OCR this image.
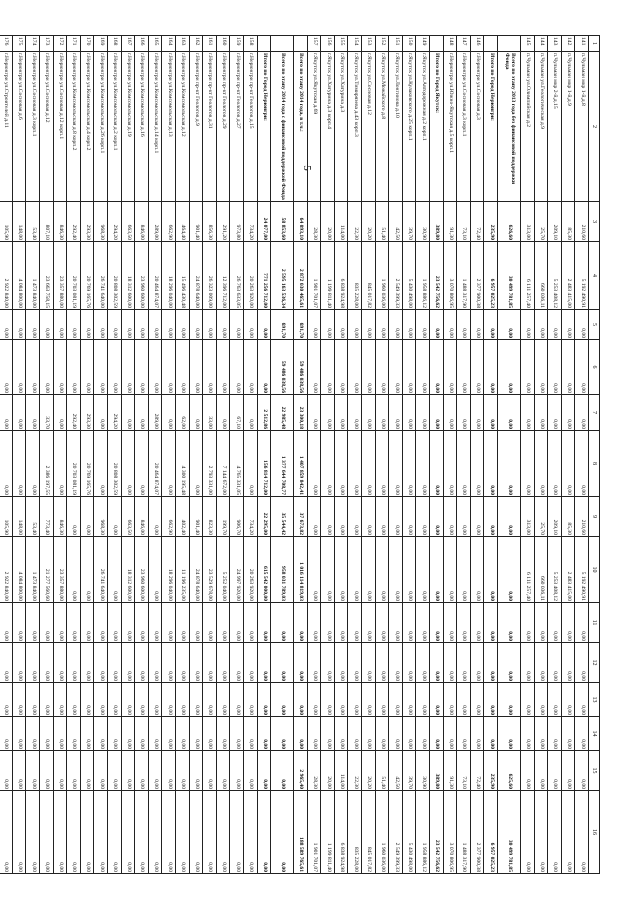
5
1	2	3	4	5	6	7	8	9	10	11	12	13	14	15	16
141	п.Чульман мкр 1-й,д.8	210,60	5 192 490,91	0,00	0,00	0,00	0,00	210,60	5 192 490,91	0,00	0,00	0,00	0,00	0,00	0,00
142	п.Чульман мкр 1-й,д.9	85,30	2 483 415,00	0,00	0,00	0,00	0,00	85,30	2 483 415,00	0,00	0,00	0,00	0,00	0,00	0,00
143	п.Чульман мкр 2-й,д.15	209,10	5 253 408,12	0,00	0,00	0,00	0,00	209,10	5 253 408,12	0,00	0,00	0,00	0,00	0,00	0,00
144	п.Чульман ул.Геологическая д.9	25,70	660 036,11	0,00	0,00	0,00	0,00	25,70	660 036,11	0,00	0,00	0,00	0,00	0,00	0,00
145	п.Чульман ул.Олимпийская д.2	313,00	6 111 257,40	0,00	0,00	0,00	0,00	313,00	6 111 257,40	0,00	0,00	0,00	0,00	0,00	0,00
	Всего по этапу 2013 года без финансовой поддержки Фонда	626,60	30 499 781,85	0,00	0,00	0,00	0,00	0,00	0,00	0,00	0,00	0,00	0,00	625,60	30 499 781,85
	Итого по Город Нерюнгри:	235,90	6 957 025,23	0,00	0,00	0,00	0,00	0,00	0,00	0,00	0,00	0,00	0,00	235,90	6 957 025,23
146	г.Нерюнгри ул.Сосновая д.3	72,40	2 377 900,38	0,00	0,00	0,00	0,00	0,00	0,00	0,00	0,00	0,00	0,00	72,40	2 377 900,38
147	г.Нерюнгри ул.Сосновая д.3 корп.1	73,10	1 488 317,90	0,00	0,00	0,00	0,00	0,00	0,00	0,00	0,00	0,00	0,00	73,10	1 488 317,90
148	г.Нерюнгри ул.Южно-Якутская д.5 корп.1	91,30	3 070 806,95	0,00	0,00	0,00	0,00	0,00	0,00	0,00	0,00	0,00	0,00	91,30	3 070 806,95
	Итого по Город Якутск:	389,80	23 542 756,62	0,00	0,00	0,00	0,00	0,00	0,00	0,00	0,00	0,00	0,00	389,80	23 542 756,62
149	г.Якутск ул.Автодорожная д.2 корп.1	30,90	1 958 886,12	0,00	0,00	0,00	0,00	0,00	0,00	0,00	0,00	0,00	0,00	30,90	1 958 886,12
150	г.Якутск ул.Кулаковского д.25 корп.1	39,70	5 430 498,00	0,00	0,00	0,00	0,00	0,00	0,00	0,00	0,00	0,00	0,00	39,70	5 430 498,00
151	г.Якутск ул.Лонгинова д.10	42,50	2 549 399,33	0,00	0,00	0,00	0,00	0,00	0,00	0,00	0,00	0,00	0,00	42,50	2 549 399,33
152	г.Якутск ул.Можайского д.8	51,40	1 960 036,00	0,00	0,00	0,00	0,00	0,00	0,00	0,00	0,00	0,00	0,00	51,40	1 960 036,00
153	г.Якутск ул.Сосновая д.12	20,20	845 017,82	0,00	0,00	0,00	0,00	0,00	0,00	0,00	0,00	0,00	0,00	20,20	845 017,82
154	г.Якутск ул.Тимирязева д.43 корп.3	22,30	835 228,00	0,00	0,00	0,00	0,00	0,00	0,00	0,00	0,00	0,00	0,00	22,30	835 228,00
155	г.Якутск ул.Хатурина д.3	114,00	6 838 924,98	0,00	0,00	0,00	0,00	0,00	0,00	0,00	0,00	0,00	0,00	114,00	6 838 924,98
156	г.Якутск ул.Хатурина д.3 корп.4	20,00	1 199 811,40	0,00	0,00	0,00	0,00	0,00	0,00	0,00	0,00	0,00	0,00	20,00	1 199 811,40
157	г.Якутск ул.Якутская д.69	28,30	1 901 701,07	0,00	0,00	0,00	0,00	0,00	0,00	0,00	0,00	0,00	0,00	28,30	1 901 701,07
	Всего по этапу 2014 года, в т.ч.:	64 093,10	2 872 030 465,61	691,70	59 486 038,56	23 300,18	1 407 859 842,41	37 673,82	1 016 114 819,03	0,00	0,00	0,00	0,00	2 965,40	188 589 765,61
	Всего по этапу 2014 года с финансовой поддержкой Фонда	58 853,60	2 595 163 536,34	691,70	59 486 038,56	22 985,48	1 377 644 708,77	35 544,42	958 031 789,03	0,00	0,00	0,00	0,00	0,00	0,00
	Итого по Город Нерюнгри:	24 077,00	771 256 712,00	0,00	0,00	2 512,86	156 814 712,00	22 295,00	615 542 000,00	0,00	0,00	0,00	0,00	0,00	0,00
158	г.Нерюнгри пр-кт Геологов д.15	734,20	20 263 920,00	0,00	0,00	0,00	0,00	734,20	20 263 920,00	0,00	0,00	0,00	0,00	0,00	0,00
159	г.Нерюнгри пр-кт Геологов д.27	973,80	26 763 633,05	0,00	0,00	67,10	4 765 331,05	906,70	24 997 920,00	0,00	0,00	0,00	0,00	0,00	0,00
160	г.Нерюнгри пр-кт Геологов д.29	291,20	12 396 712,00	0,00	0,00	0,00	7 144 672,00	199,70	5 252 040,00	0,00	0,00	0,00	0,00	0,00	0,00
161	г.Нерюнгри пр-кт Геологов д.31	856,30	26 323 009,00	0,00	0,00	33,00	2 793 331,00	823,30	23 529 678,00	0,00	0,00	0,00	0,00	0,00	0,00
162	г.Нерюнгри пр-кт Геологов д.9	901,40	24 878 640,00	0,00	0,00	0,00	0,00	901,40	24 878 640,00	0,00	0,00	0,00	0,00	0,00	0,00
163	г.Нерюнгри ул.Комсомольская д.12	464,40	15 496 430,48	0,00	0,00	62,00	4 300 195,48	402,40	11 196 235,00	0,00	0,00	0,00	0,00	0,00	0,00
164	г.Нерюнгри ул.Комсомольская д.13	662,90	18 296 040,00	0,00	0,00	0,00	0,00	662,90	18 296 040,00	0,00	0,00	0,00	0,00	0,00	0,00
165	г.Нерюнгри ул.Комсомольская д.14 корп.1	289,00	20 464 874,07	0,00	0,00	289,00	20 464 874,07	0,00	0,00	0,00	0,00	0,00	0,00	0,00	0,00
166	г.Нерюнгри ул.Комсомольская д.16	846,00	23 960 600,00	0,00	0,00	0,00	0,00	846,00	23 960 600,00	0,00	0,00	0,00	0,00	0,00	0,00
167	г.Нерюнгри ул.Комсомольская д.19	663,50	18 312 600,00	0,00	0,00	0,00	0,00	663,50	18 312 600,00	0,00	0,00	0,00	0,00	0,00	0,00
168	г.Нерюнгри ул.Комсомольская д.2 корп.1	294,20	20 808 302,59	0,00	0,00	294,20	20 808 302,59	0,00	0,00	0,00	0,00	0,00	0,00	0,00	0,00
169	г.Нерюнгри ул.Комсомольская д.26 корп.1	968,30	26 741 640,00	0,00	0,00	0,00	0,00	968,30	26 741 640,00	0,00	0,00	0,00	0,00	0,00	0,00
170	г.Нерюнгри ул.Комсомольская д.4 корп.2	293,30	20 769 165,76	0,00	0,00	293,30	20 769 165,76	0,00	0,00	0,00	0,00	0,00	0,00	0,00	0,00
171	г.Нерюнгри ул.Комсомольская д.8 корп.2	292,40	20 703 081,19	0,00	0,00	292,40	20 703 081,19	0,00	0,00	0,00	0,00	0,00	0,00	0,00	0,00
172	г.Нерюнгри ул.Сосновая д.12 корп.1	846,30	23 357 880,00	0,00	0,00	0,00	0,00	846,30	23 357 880,00	0,00	0,00	0,00	0,00	0,00	0,00
173	г.Нерюнгри ул.Сосновая д.12	807,10	23 663 758,15	0,00	0,00	33,70	2 386 197,55	773,40	21 277 560,60	0,00	0,00	0,00	0,00	0,00	0,00
174	г.Нерюнгри ул.Сосновая д.3 корп.1	53,40	1 473 840,00	0,00	0,00	0,00	0,00	53,40	1 473 840,00	0,00	0,00	0,00	0,00	0,00	0,00
175	г.Нерюнгри ул.Сосновая д.6	148,00	4 084 800,00	0,00	0,00	0,00	0,00	148,00	4 084 800,00	0,00	0,00	0,00	0,00	0,00	0,00
176	г.Нерюнгри ул.Строителей д.11	105,90	2 922 840,00	0,00	0,00	0,00	0,00	105,90	2 922 840,00	0,00	0,00	0,00	0,00	0,00	0,00
